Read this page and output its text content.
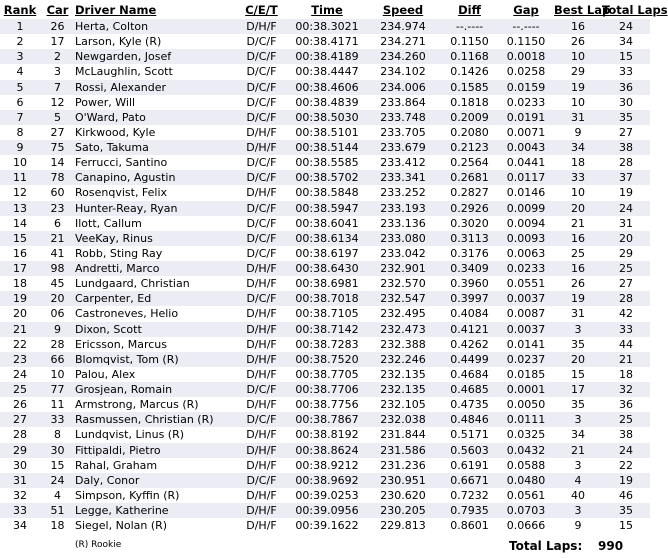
Rank	Car	Driver Name	C/E/T	Time	Speed	Diff	Gap	Best Lap	Total Laps
1	26	Herta, Colton	D/H/F	00:38.3021	234.974	--.----	--.----	16	24
2	17	Larson, Kyle (R)	D/C/F	00:38.4171	234.271	0.1150	0.1150	26	34
3	2	Newgarden, Josef	D/C/F	00:38.4189	234.260	0.1168	0.0018	10	15
4	3	McLaughlin, Scott	D/C/F	00:38.4447	234.102	0.1426	0.0258	29	33
5	7	Rossi, Alexander	D/C/F	00:38.4606	234.006	0.1585	0.0159	19	36
6	12	Power, Will	D/C/F	00:38.4839	233.864	0.1818	0.0233	10	30
7	5	O'Ward, Pato	D/C/F	00:38.5030	233.748	0.2009	0.0191	31	35
8	27	Kirkwood, Kyle	D/H/F	00:38.5101	233.705	0.2080	0.0071	9	27
9	75	Sato, Takuma	D/H/F	00:38.5144	233.679	0.2123	0.0043	34	38
10	14	Ferrucci, Santino	D/C/F	00:38.5585	233.412	0.2564	0.0441	18	28
11	78	Canapino, Agustin	D/C/F	00:38.5702	233.341	0.2681	0.0117	33	37
12	60	Rosenqvist, Felix	D/H/F	00:38.5848	233.252	0.2827	0.0146	10	19
13	23	Hunter-Reay, Ryan	D/C/F	00:38.5947	233.193	0.2926	0.0099	20	24
14	6	Ilott, Callum	D/C/F	00:38.6041	233.136	0.3020	0.0094	21	31
15	21	VeeKay, Rinus	D/C/F	00:38.6134	233.080	0.3113	0.0093	16	20
16	41	Robb, Sting Ray	D/C/F	00:38.6197	233.042	0.3176	0.0063	25	29
17	98	Andretti, Marco	D/H/F	00:38.6430	232.901	0.3409	0.0233	16	25
18	45	Lundgaard, Christian	D/H/F	00:38.6981	232.570	0.3960	0.0551	26	27
19	20	Carpenter, Ed	D/C/F	00:38.7018	232.547	0.3997	0.0037	19	28
20	06	Castroneves, Helio	D/H/F	00:38.7105	232.495	0.4084	0.0087	31	42
21	9	Dixon, Scott	D/H/F	00:38.7142	232.473	0.4121	0.0037	3	33
22	28	Ericsson, Marcus	D/H/F	00:38.7283	232.388	0.4262	0.0141	35	44
23	66	Blomqvist, Tom (R)	D/H/F	00:38.7520	232.246	0.4499	0.0237	20	21
24	10	Palou, Alex	D/H/F	00:38.7705	232.135	0.4684	0.0185	15	18
25	77	Grosjean, Romain	D/C/F	00:38.7706	232.135	0.4685	0.0001	17	32
26	11	Armstrong, Marcus (R)	D/H/F	00:38.7756	232.105	0.4735	0.0050	35	36
27	33	Rasmussen, Christian (R)	D/C/F	00:38.7867	232.038	0.4846	0.0111	3	25
28	8	Lundqvist, Linus (R)	D/H/F	00:38.8192	231.844	0.5171	0.0325	34	38
29	30	Fittipaldi, Pietro	D/H/F	00:38.8624	231.586	0.5603	0.0432	21	24
30	15	Rahal, Graham	D/H/F	00:38.9212	231.236	0.6191	0.0588	3	22
31	24	Daly, Conor	D/C/F	00:38.9692	230.951	0.6671	0.0480	4	19
32	4	Simpson, Kyffin (R)	D/H/F	00:39.0253	230.620	0.7232	0.0561	40	46
33	51	Legge, Katherine	D/H/F	00:39.0956	230.205	0.7935	0.0703	3	35
34	18	Siegel, Nolan (R)	D/H/F	00:39.1622	229.813	0.8601	0.0666	9	15
(R) Rookie	Total Laps: 990
